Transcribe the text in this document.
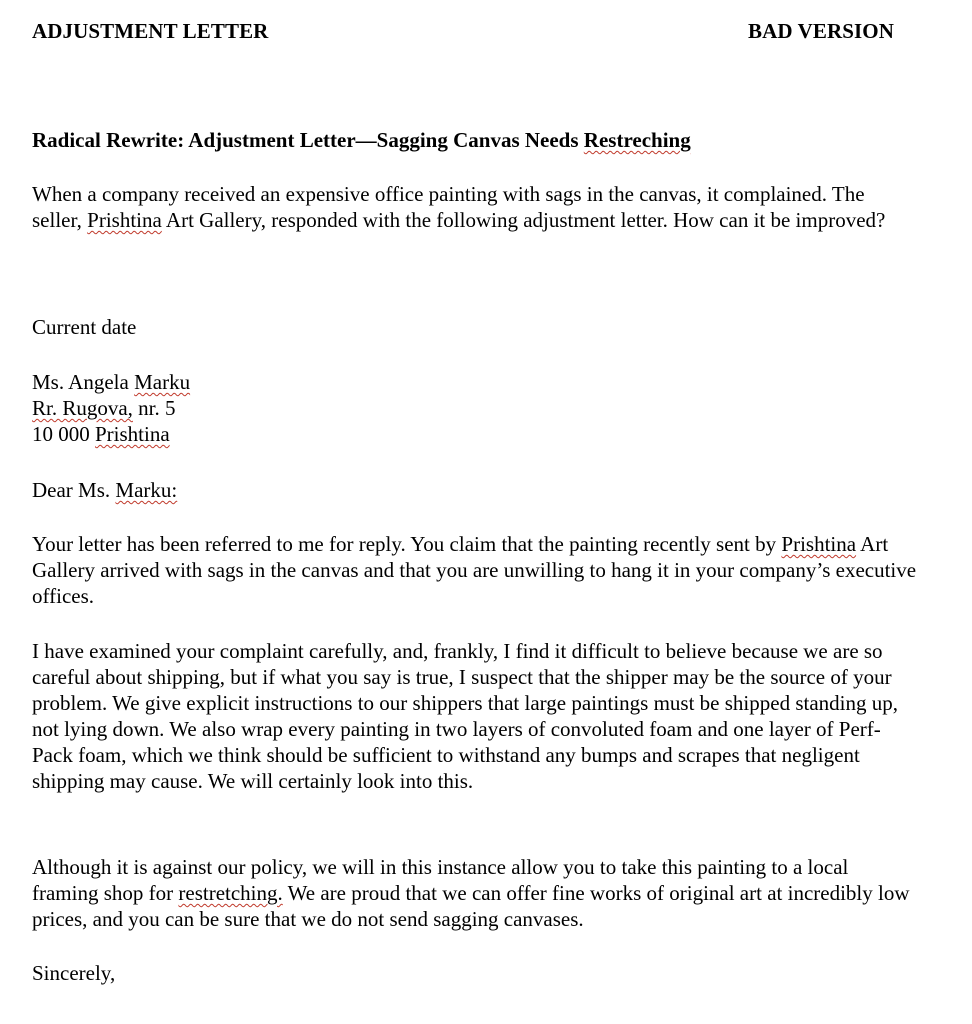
ADJUSTMENT LETTER	BAD VERSION
Radical Rewrite: Adjustment Letter—Sagging Canvas Needs Restreching

When a company received an expensive office painting with sags in the canvas, it complained. The seller, Prishtina Art Gallery, responded with the following adjustment letter. How can it be improved?

Current date

Ms. Angela Marku

Rr. Rugova, nr. 5

10 000 Prishtina

Dear Ms. Marku:

Your letter has been referred to me for reply. You claim that the painting recently sent by Prishtina Art Gallery arrived with sags in the canvas and that you are unwilling to hang it in your company’s executive offices.

I have examined your complaint carefully, and, frankly, I find it difficult to believe because we are so careful about shipping, but if what you say is true, I suspect that the shipper may be the source of your problem. We give explicit instructions to our shippers that large paintings must be shipped standing up, not lying down. We also wrap every painting in two layers of convoluted foam and one layer of Perf-Pack foam, which we think should be sufficient to withstand any bumps and scrapes that negligent shipping may cause. We will certainly look into this.

Although it is against our policy, we will in this instance allow you to take this painting to a local framing shop for restretching. We are proud that we can offer fine works of original art at incredibly low prices, and you can be sure that we do not send sagging canvases.

Sincerely,
